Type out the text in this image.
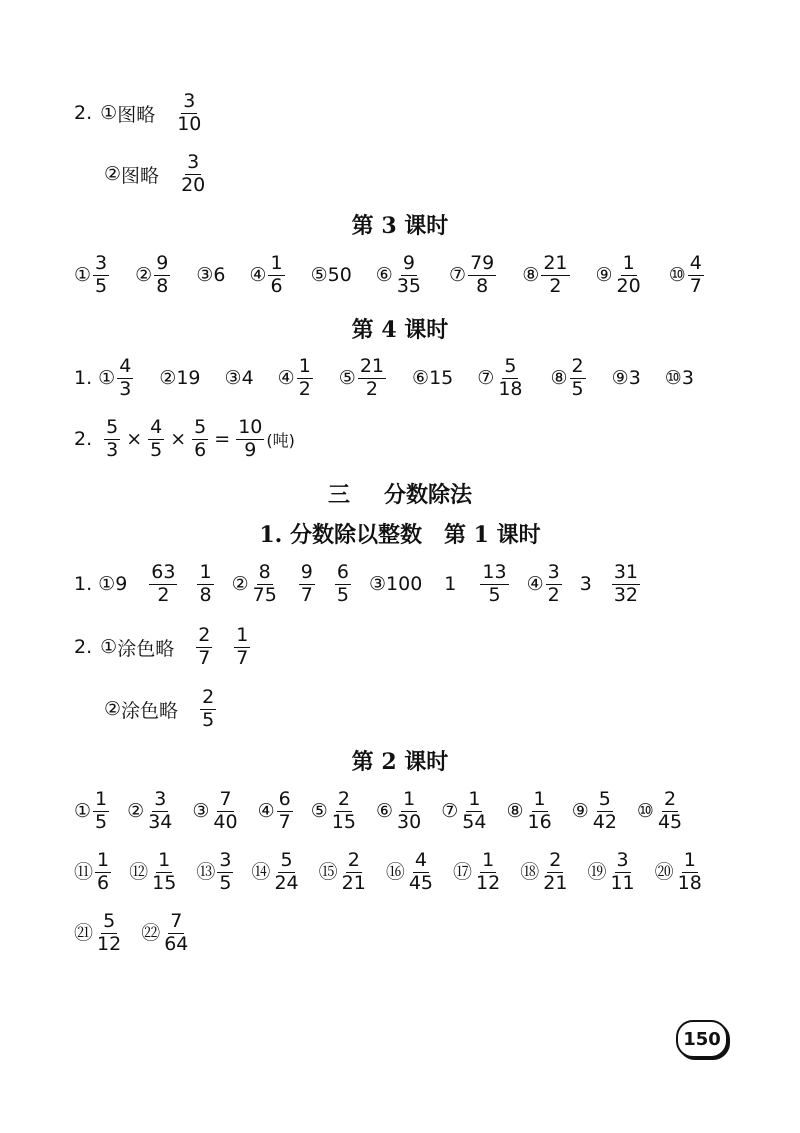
2. ① 图略 $\frac{3}{10}$
② 图略 $\frac{3}{20}$
第 3 课时
① $\frac{3}{5}$ ② $\frac{9}{8}$ ③6 ④ $\frac{1}{6}$ ⑤50 ⑥ $\frac{9}{35}$ ⑦ $\frac{79}{8}$ ⑧ $\frac{21}{2}$ ⑨ $\frac{1}{20}$ ⑩ $\frac{4}{7}$
第 4 课时
1. ① $\frac{4}{3}$ ②19 ③4 ④ $\frac{1}{2}$ ⑤ $\frac{21}{2}$ ⑥15 ⑦ $\frac{5}{18}$ ⑧ $\frac{2}{5}$ ⑨3 ⑩3
2. $\frac{5}{3} \times \frac{4}{5} \times \frac{5}{6} = \frac{10}{9}$ (吨)
三 分数除法
1. 分数除以整数 第 1 课时
1. ① $9 \frac{63}{2} \frac{1}{8}$ ② $\frac{8}{75} \frac{9}{7} \frac{6}{5}$ ③ 100 $1 \frac{13}{5}$ ④ $\frac{3}{2} 3 \frac{31}{32}$
2. ① 涂色略 $\frac{2}{7} \frac{1}{7}$
② 涂色略 $\frac{2}{5}$
第 2 课时
① $\frac{1}{5}$ ② $\frac{3}{34}$ ③ $\frac{7}{40}$ ④ $\frac{6}{7}$ ⑤ $\frac{2}{15}$ ⑥ $\frac{1}{30}$ ⑦ $\frac{1}{54}$ ⑧ $\frac{1}{16}$ ⑨ $\frac{5}{42}$ ⑩ $\frac{2}{45}$
⑪ $\frac{1}{6}$ ⑫ $\frac{1}{15}$ ⑬ $\frac{3}{5}$ ⑭ $\frac{5}{24}$ ⑮ $\frac{2}{21}$ ⑯ $\frac{4}{45}$ ⑰ $\frac{1}{12}$ ⑱ $\frac{2}{21}$ ⑲ $\frac{3}{11}$ ⑳ $\frac{1}{18}$
㉑ $\frac{5}{12}$ ㉒ $\frac{7}{64}$
150
